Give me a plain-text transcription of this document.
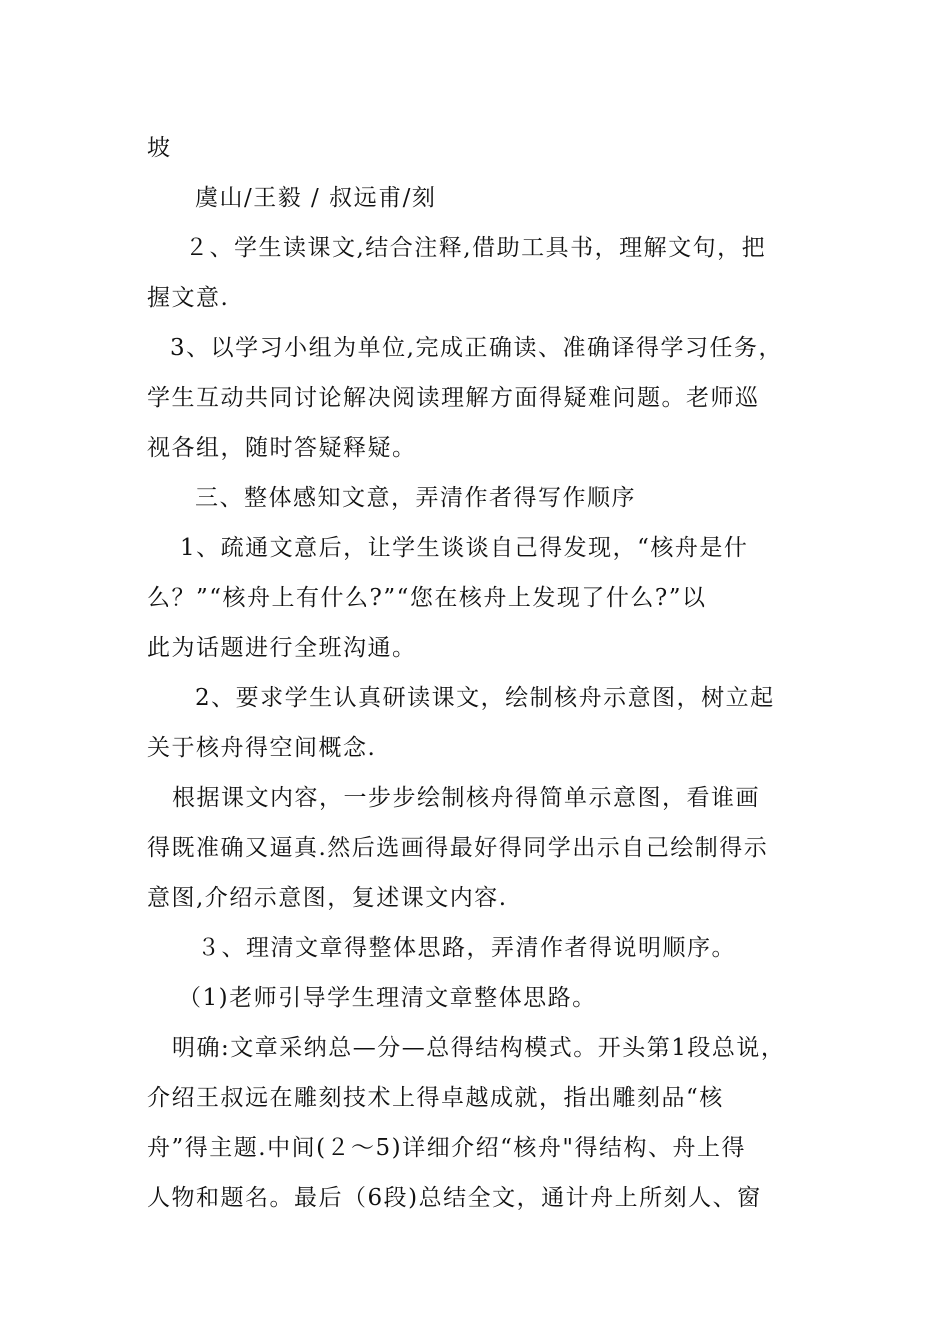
坡
虞山/王毅 / 叔远甫/刻
２、学生读课文,结合注释,借助工具书，理解文句，把
握文意.
3、以学习小组为单位,完成正确读、准确译得学习任务，
学生互动共同讨论解决阅读理解方面得疑难问题。老师巡
视各组，随时答疑释疑。
三、整体感知文意，弄清作者得写作顺序
1、疏通文意后，让学生谈谈自己得发现，“核舟是什
么？”“核舟上有什么?”“您在核舟上发现了什么?”以
此为话题进行全班沟通。
2、要求学生认真研读课文，绘制核舟示意图，树立起
关于核舟得空间概念.
根据课文内容，一步步绘制核舟得简单示意图，看谁画
得既准确又逼真.然后选画得最好得同学出示自己绘制得示
意图,介绍示意图，复述课文内容.
３、理清文章得整体思路，弄清作者得说明顺序。
（1)老师引导学生理清文章整体思路。
明确:文章采纳总—分—总得结构模式。开头第1段总说，
介绍王叔远在雕刻技术上得卓越成就，指出雕刻品“核
舟”得主题.中间(２～5)详细介绍“核舟"得结构、舟上得
人物和题名。最后（6段)总结全文，通计舟上所刻人、窗
